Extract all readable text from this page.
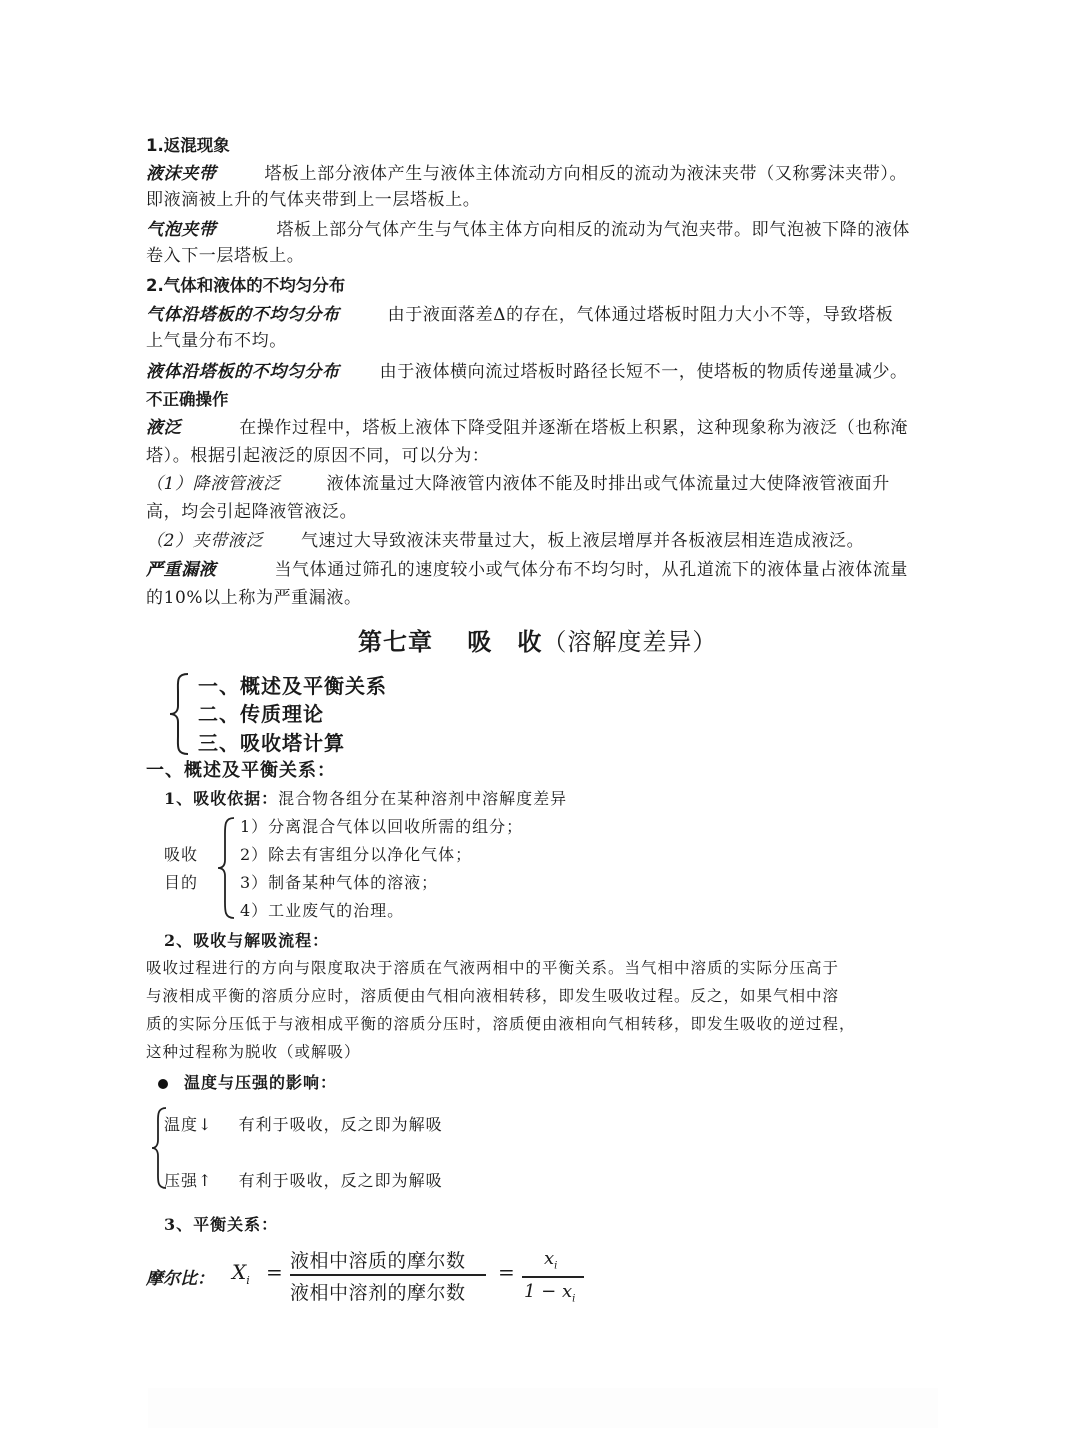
1.返混现象
液沫夹带	塔板上部分液体产生与液体主体流动方向相反的流动为液沫夹带（又称雾沫夹带）。
即液滴被上升的气体夹带到上一层塔板上。
气泡夹带	塔板上部分气体产生与气体主体方向相反的流动为气泡夹带。即气泡被下降的液体
卷入下一层塔板上。
2.气体和液体的不均匀分布
气体沿塔板的不均匀分布	由于液面落差Δ的存在，气体通过塔板时阻力大小不等，导致塔板
上气量分布不均。
液体沿塔板的不均匀分布 由于液体横向流过塔板时路径长短不一，使塔板的物质传递量减少。
不正确操作
液泛	在操作过程中，塔板上液体下降受阻并逐渐在塔板上积累，这种现象称为液泛（也称淹
塔）。根据引起液泛的原因不同，可以分为：
（1）降液管液泛	液体流量过大降液管内液体不能及时排出或气体流量过大使降液管液面升
高，均会引起降液管液泛。
（2）夹带液泛 气速过大导致液沫夹带量过大，板上液层增厚并各板液层相连造成液泛。
严重漏液	当气体通过筛孔的速度较小或气体分布不均匀时，从孔道流下的液体量占液体流量
的10%以上称为严重漏液。
第七章　 吸　收（溶解度差异）
一、概述及平衡关系
二、传质理论
三、吸收塔计算
一、概述及平衡关系：
1、吸收依据：混合物各组分在某种溶剂中溶解度差异
吸收
目的
1）分离混合气体以回收所需的组分；
2）除去有害组分以净化气体；
3）制备某种气体的溶液；
4）工业废气的治理。
2、吸收与解吸流程：
吸收过程进行的方向与限度取决于溶质在气液两相中的平衡关系。当气相中溶质的实际分压高于
与液相成平衡的溶质分应时，溶质便由气相向液相转移，即发生吸收过程。反之，如果气相中溶
质的实际分压低于与液相成平衡的溶质分压时，溶质便由液相向气相转移，即发生吸收的逆过程，
这种过程称为脱收（或解吸）
温度与压强的影响：
温度↓ 有利于吸收，反之即为解吸
压强↑ 有利于吸收，反之即为解吸
3、平衡关系：
摩尔比： $X_i$ = 液相中溶质的摩尔数
液相中溶剂的摩尔数
=
$x_i$
$1 - x_i$
